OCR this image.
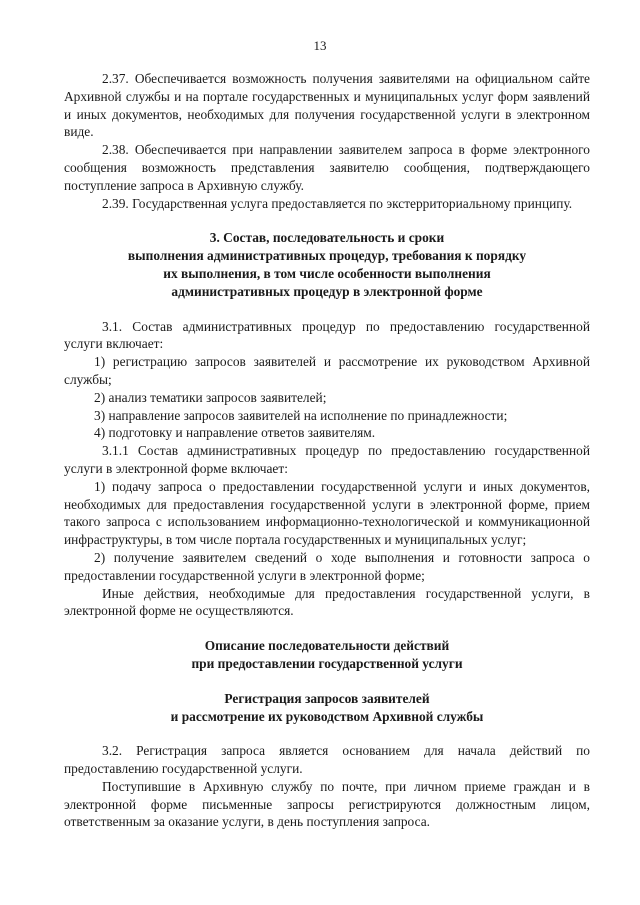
13

2.37. Обеспечивается возможность получения заявителями на официальном сайте Архивной службы и на портале государственных и муниципальных услуг форм заявлений и иных документов, необходимых для получения государственной услуги в электронном виде.

2.38. Обеспечивается при направлении заявителем запроса в форме электронного сообщения возможность представления заявителю сообщения, подтверждающего поступление запроса в Архивную службу.

2.39. Государственная услуга предоставляется по экстерриториальному принципу.

3. Состав, последовательность и сроки
выполнения административных процедур, требования к порядку
их выполнения, в том числе особенности выполнения
административных процедур в электронной форме

3.1. Состав административных процедур по предоставлению государственной услуги включает:

1) регистрацию запросов заявителей и рассмотрение их руководством Архивной службы;

2) анализ тематики запросов заявителей;

3) направление запросов заявителей на исполнение по принадлежности;

4) подготовку и направление ответов заявителям.

3.1.1 Состав административных процедур по предоставлению государственной услуги в электронной форме включает:

1) подачу запроса о предоставлении государственной услуги и иных документов, необходимых для предоставления государственной услуги в электронной форме, прием такого запроса с использованием информационно-технологической и коммуникационной инфраструктуры, в том числе портала государственных и муниципальных услуг;

2) получение заявителем сведений о ходе выполнения и готовности запроса о предоставлении государственной услуги в электронной форме;

Иные действия, необходимые для предоставления государственной услуги, в электронной форме не осуществляются.

Описание последовательности действий
при предоставлении государственной услуги
Регистрация запросов заявителей
и рассмотрение их руководством Архивной службы

3.2. Регистрация запроса является основанием для начала действий по предоставлению государственной услуги.

Поступившие в Архивную службу по почте, при личном приеме граждан и в электронной форме письменные запросы регистрируются должностным лицом, ответственным за оказание услуги, в день поступления запроса.
